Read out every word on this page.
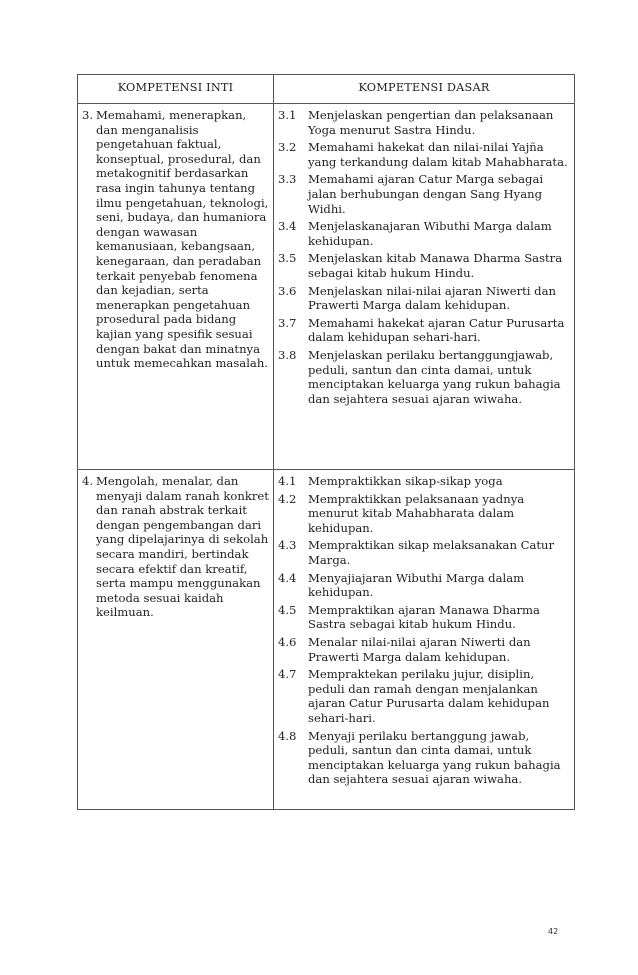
KOMPETENSI INTI	KOMPETENSI DASAR
3. Memahami, menerapkan, dan menganalisis pengetahuan faktual, konseptual, prosedural, dan metakognitif berdasarkan rasa ingin tahunya tentang ilmu pengetahuan, teknologi, seni, budaya, dan humaniora dengan wawasan kemanusiaan, kebangsaan, kenegaraan, dan peradaban terkait penyebab fenomena dan kejadian, serta menerapkan pengetahuan prosedural pada bidang kajian yang spesifik sesuai dengan bakat dan minatnya untuk memecahkan masalah.
3.1 Menjelaskan pengertian dan pelaksanaan Yoga menurut Sastra Hindu.
3.2 Memahami hakekat dan nilai-nilai Yajña yang terkandung dalam kitab Mahabharata.
3.3 Memahami ajaran Catur Marga sebagai jalan berhubungan dengan Sang Hyang Widhi.
3.4 Menjelaskanajaran Wibuthi Marga dalam kehidupan.
3.5 Menjelaskan kitab Manawa Dharma Sastra sebagai kitab hukum Hindu.
3.6 Menjelaskan nilai-nilai ajaran Niwerti dan Prawerti Marga dalam kehidupan.
3.7 Memahami hakekat ajaran Catur Purusarta dalam kehidupan sehari-hari.
3.8 Menjelaskan perilaku bertanggungjawab, peduli, santun dan cinta damai, untuk menciptakan keluarga yang rukun bahagia dan sejahtera sesuai ajaran wiwaha.
4. Mengolah, menalar, dan menyaji dalam ranah konkret dan ranah abstrak terkait dengan pengembangan dari yang dipelajarinya di sekolah secara mandiri, bertindak secara efektif dan kreatif, serta mampu menggunakan metoda sesuai kaidah keilmuan.
4.1 Mempraktikkan sikap-sikap yoga
4.2 Mempraktikkan pelaksanaan yadnya menurut kitab Mahabharata dalam kehidupan.
4.3 Mempraktikan sikap melaksanakan Catur Marga.
4.4 Menyajiajaran Wibuthi Marga dalam kehidupan.
4.5 Mempraktikan ajaran Manawa Dharma Sastra sebagai kitab hukum Hindu.
4.6 Menalar nilai-nilai ajaran Niwerti dan Prawerti Marga dalam kehidupan.
4.7 Mempraktekan perilaku jujur, disiplin, peduli dan ramah dengan menjalankan ajaran Catur Purusarta dalam kehidupan sehari-hari.
4.8 Menyaji perilaku bertanggung jawab, peduli, santun dan cinta damai, untuk menciptakan keluarga yang rukun bahagia dan sejahtera sesuai ajaran wiwaha.
42
